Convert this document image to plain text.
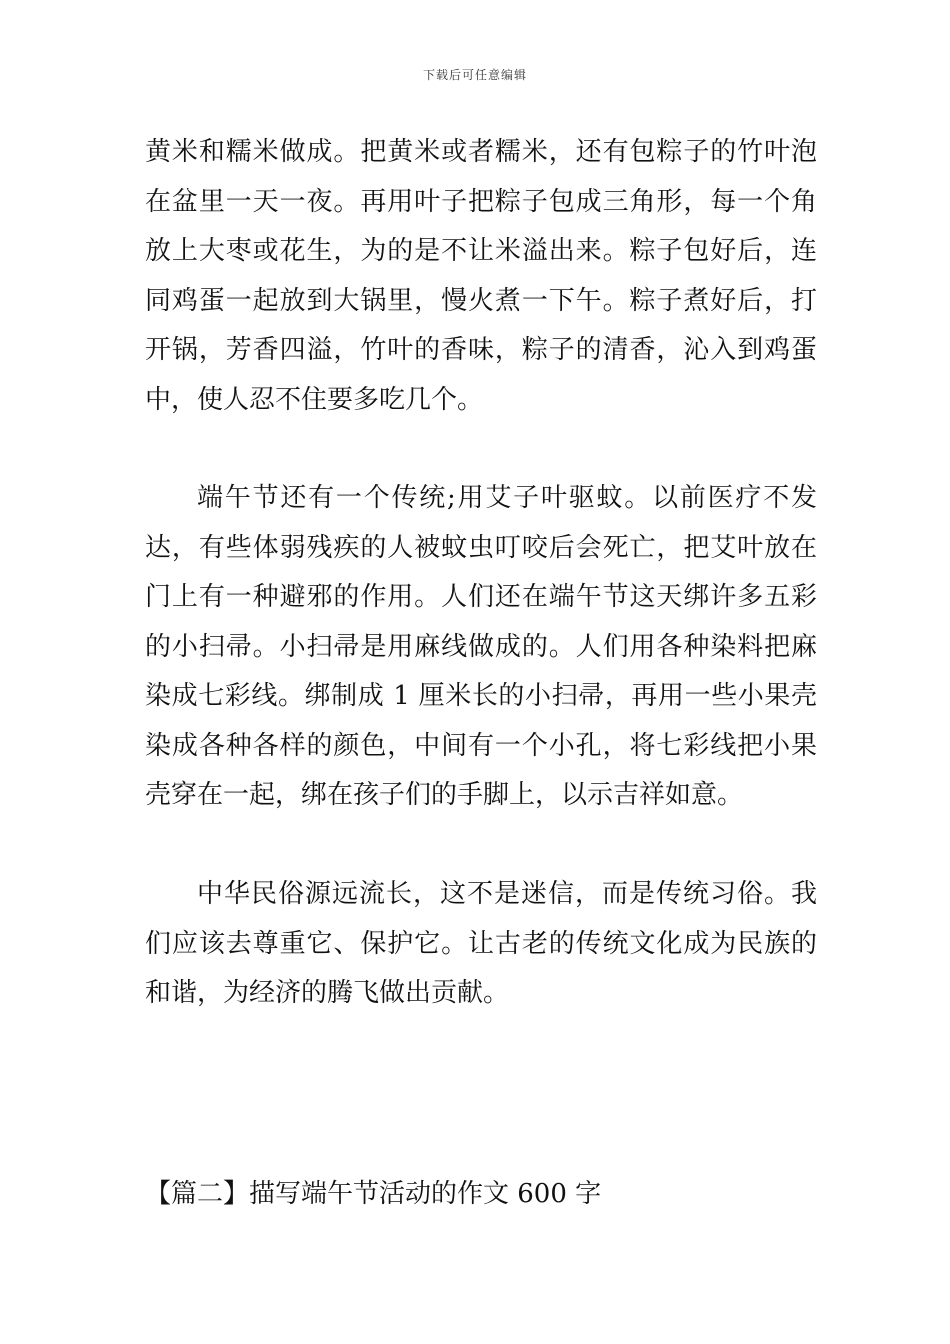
下载后可任意编辑

黄米和糯米做成。把黄米或者糯米，还有包粽子的竹叶泡在盆里一天一夜。再用叶子把粽子包成三角形，每一个角放上大枣或花生，为的是不让米溢出来。粽子包好后，连同鸡蛋一起放到大锅里，慢火煮一下午。粽子煮好后，打开锅，芳香四溢，竹叶的香味，粽子的清香，沁入到鸡蛋中，使人忍不住要多吃几个。

端午节还有一个传统;用艾子叶驱蚊。以前医疗不发达，有些体弱残疾的人被蚊虫叮咬后会死亡，把艾叶放在门上有一种避邪的作用。人们还在端午节这天绑许多五彩的小扫帚。小扫帚是用麻线做成的。人们用各种染料把麻染成七彩线。绑制成 1 厘米长的小扫帚，再用一些小果壳染成各种各样的颜色，中间有一个小孔，将七彩线把小果壳穿在一起，绑在孩子们的手脚上，以示吉祥如意。

中华民俗源远流长，这不是迷信，而是传统习俗。我们应该去尊重它、保护它。让古老的传统文化成为民族的和谐，为经济的腾飞做出贡献。

【篇二】描写端午节活动的作文 600 字
